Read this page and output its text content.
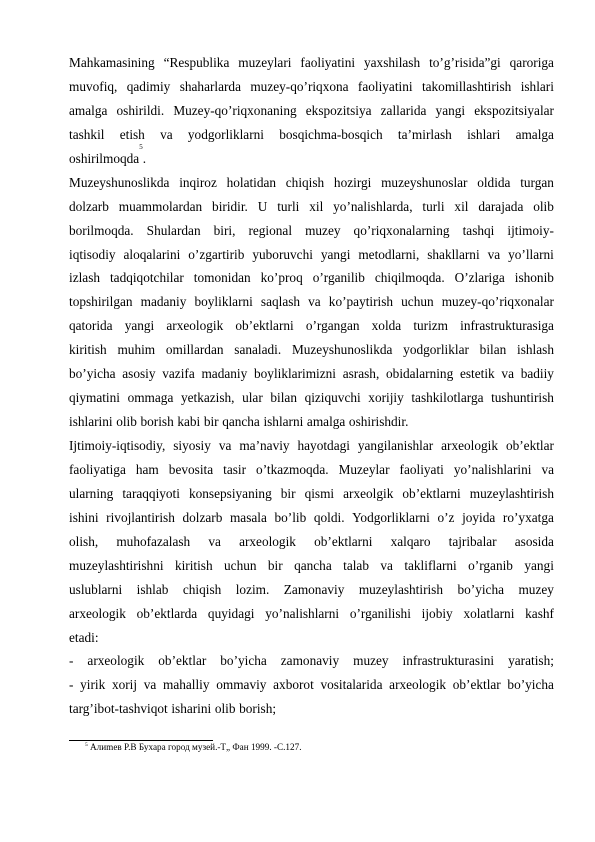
Mahkamasining “Respublika muzeylari faoliyatini yaxshilash to’g’risida”gi qaroriga
muvofiq, qadimiy shaharlarda muzey-qo’riqxona faoliyatini takomillashtirish ishlari
amalga oshirildi. Muzey-qo’riqxonaning ekspozitsiya zallarida yangi ekspozitsiyalar
tashkil etish va yodgorliklarni bosqichma-bosqich ta’mirlash ishlari amalga
oshirilmoqda
5
.
Muzeyshunoslikda inqiroz holatidan chiqish hozirgi muzeyshunoslar oldida turgan
dolzarb muammolardan biridir. U turli xil yo’nalishlarda, turli xil darajada olib
borilmoqda. Shulardan biri, regional muzey qo’riqxonalarning tashqi ijtimoiy-
iqtisodiy aloqalarini o’zgartirib yuboruvchi yangi metodlarni, shakllarni va yo’llarni
izlash tadqiqotchilar tomonidan ko’proq o’rganilib chiqilmoqda. O’zlariga ishonib
topshirilgan madaniy boyliklarni saqlash va ko’paytirish uchun muzey-qo’riqxonalar
qatorida yangi arxeologik ob’ektlarni o’rgangan xolda turizm infrastrukturasiga
kiritish muhim omillardan sanaladi. Muzeyshunoslikda yodgorliklar bilan ishlash
bo’yicha asosiy vazifa madaniy boyliklarimizni asrash, obidalarning estetik va badiiy
qiymatini ommaga yetkazish, ular bilan qiziquvchi xorijiy tashkilotlarga tushuntirish
ishlarini olib borish kabi bir qancha ishlarni amalga oshirishdir.
Ijtimoiy-iqtisodiy, siyosiy va ma’naviy hayotdagi yangilanishlar arxeologik ob’ektlar
faoliyatiga ham bevosita tasir o’tkazmoqda. Muzeylar faoliyati yo’nalishlarini va
ularning taraqqiyoti konsepsiyaning bir qismi arxeolgik ob’ektlarni muzeylashtirish
ishini rivojlantirish dolzarb masala bo’lib qoldi. Yodgorliklarni o’z joyida ro’yxatga
olish, muhofazalash va arxeologik ob’ektlarni xalqaro tajribalar asosida
muzeylashtirishni kiritish uchun bir qancha talab va takliflarni o’rganib yangi
uslublarni ishlab chiqish lozim. Zamonaviy muzeylashtirish bo’yicha muzey
arxeologik ob’ektlarda quyidagi yo’nalishlarni o’rganilishi ijobiy xolatlarni kashf
etadi:
- arxeologik ob’ektlar bo’yicha zamonaviy muzey infrastrukturasini yaratish;
- yirik xorij va mahalliy ommaviy axborot vositalarida arxeologik ob’ektlar bo’yicha
targ’ibot-tashviqot isharini olib borish;
$^5$ Алиmeв P.B Бухара город музей.-Т„ Фан 1999. -С.127.
